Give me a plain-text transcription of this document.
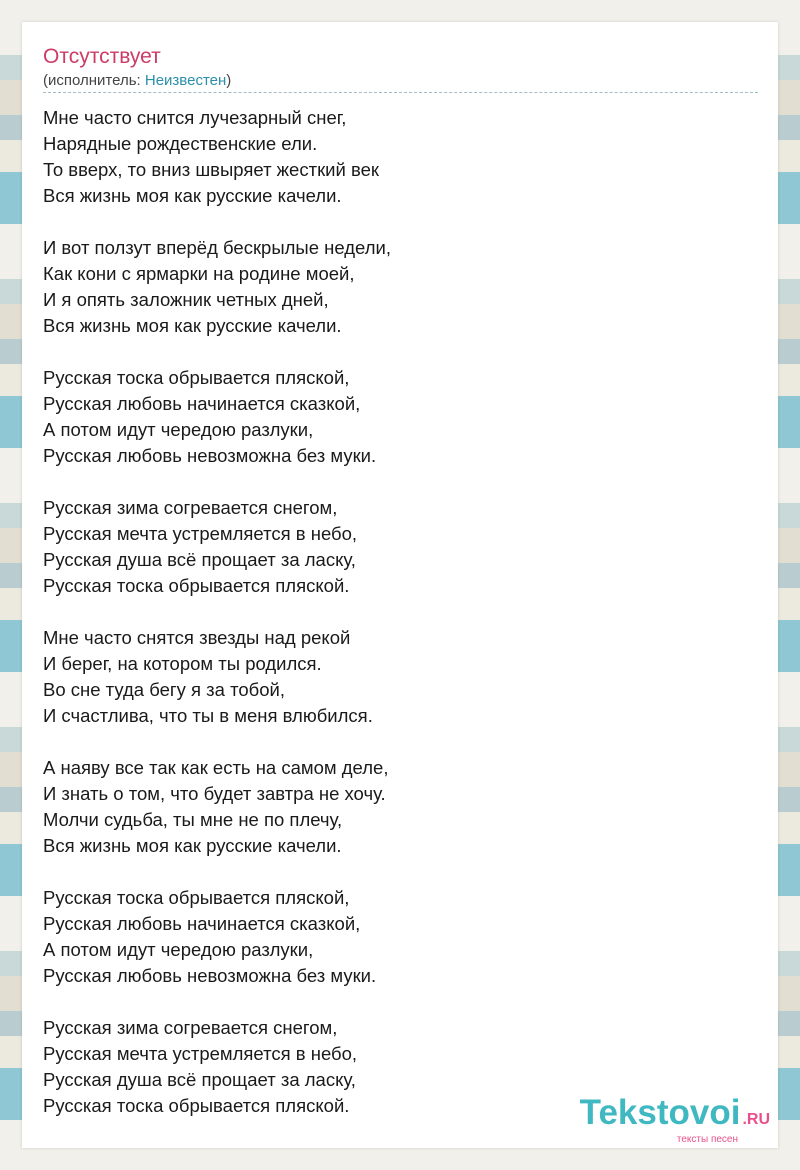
Отсутствует
(исполнитель: Неизвестен)
Мне часто снится лучезарный снег,
Нарядные рождественские ели.
То вверх, то вниз швыряет жесткий век
Вся жизнь моя как русские качели.
И вот ползут вперёд бескрылые недели,
Как кони с ярмарки на родине моей,
И я опять заложник четных дней,
Вся жизнь моя как русские качели.
Русская тоска обрывается пляской,
Русская любовь начинается сказкой,
А потом идут чередою разлуки,
Русская любовь невозможна без муки.
Русская зима согревается снегом,
Русская мечта устремляется в небо,
Русская душа всё прощает за ласку,
Русская тоска обрывается пляской.
Мне часто снятся звезды над рекой
И берег, на котором ты родился.
Во сне туда бегу я за тобой,
И счастлива, что ты в меня влюбился.
А наяву все так как есть на самом деле,
И знать о том, что будет завтра не хочу.
Молчи судьба, ты мне не по плечу,
Вся жизнь моя как русские качели.
Русская тоска обрывается пляской,
Русская любовь начинается сказкой,
А потом идут чередою разлуки,
Русская любовь невозможна без муки.
Русская зима согревается снегом,
Русская мечта устремляется в небо,
Русская душа всё прощает за ласку,
Русская тоска обрывается пляской.	Tekstovoi .RU
тексты песен
